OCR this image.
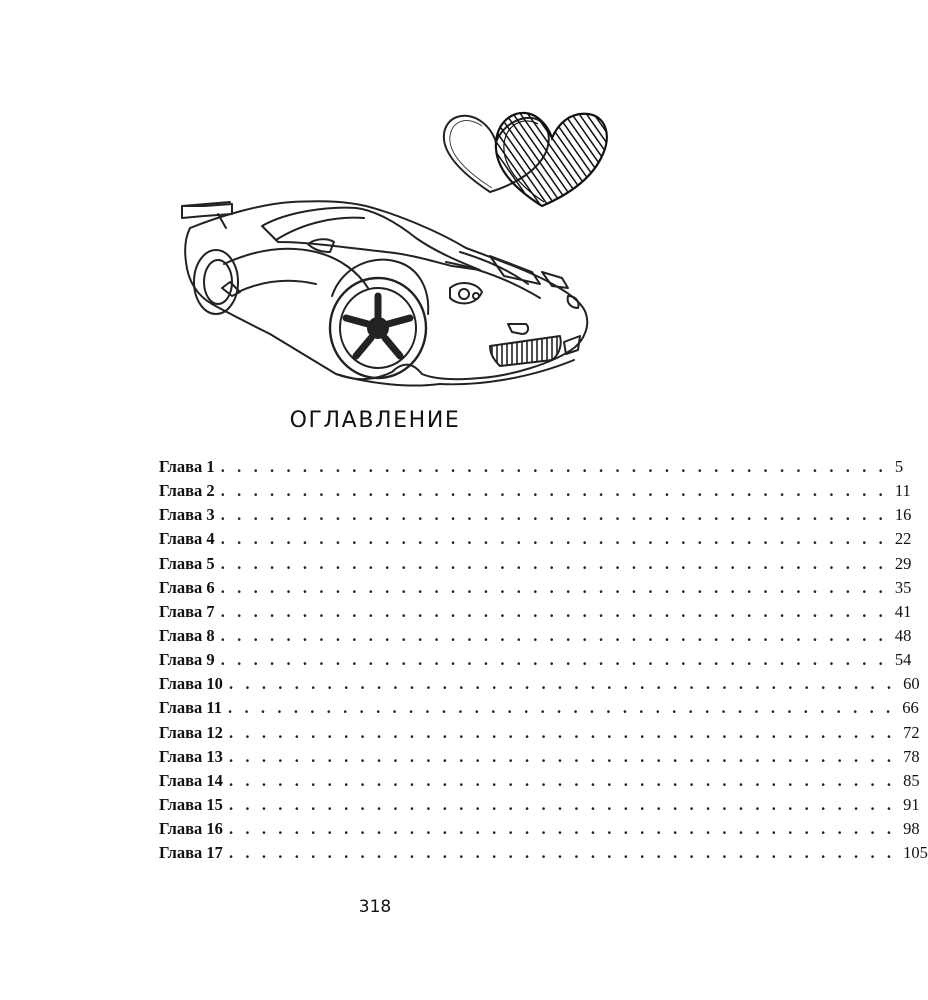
ОГЛАВЛЕНИЕ
Глава 1 . . . . . . . . . . . . . . . . . . . . . . . . . . . . . . . . . . . . . . . . . 5
Глава 2 . . . . . . . . . . . . . . . . . . . . . . . . . . . . . . . . . . . . . . . . . 11
Глава 3 . . . . . . . . . . . . . . . . . . . . . . . . . . . . . . . . . . . . . . . . . 16
Глава 4 . . . . . . . . . . . . . . . . . . . . . . . . . . . . . . . . . . . . . . . . . 22
Глава 5 . . . . . . . . . . . . . . . . . . . . . . . . . . . . . . . . . . . . . . . . . 29
Глава 6 . . . . . . . . . . . . . . . . . . . . . . . . . . . . . . . . . . . . . . . . . 35
Глава 7 . . . . . . . . . . . . . . . . . . . . . . . . . . . . . . . . . . . . . . . . . 41
Глава 8 . . . . . . . . . . . . . . . . . . . . . . . . . . . . . . . . . . . . . . . . . 48
Глава 9 . . . . . . . . . . . . . . . . . . . . . . . . . . . . . . . . . . . . . . . . . 54
Глава 10 . . . . . . . . . . . . . . . . . . . . . . . . . . . . . . . . . . . . . . . . . 60
Глава 11 . . . . . . . . . . . . . . . . . . . . . . . . . . . . . . . . . . . . . . . . . 66
Глава 12 . . . . . . . . . . . . . . . . . . . . . . . . . . . . . . . . . . . . . . . . . 72
Глава 13 . . . . . . . . . . . . . . . . . . . . . . . . . . . . . . . . . . . . . . . . . 78
Глава 14 . . . . . . . . . . . . . . . . . . . . . . . . . . . . . . . . . . . . . . . . . 85
Глава 15 . . . . . . . . . . . . . . . . . . . . . . . . . . . . . . . . . . . . . . . . . 91
Глава 16 . . . . . . . . . . . . . . . . . . . . . . . . . . . . . . . . . . . . . . . . . 98
Глава 17 . . . . . . . . . . . . . . . . . . . . . . . . . . . . . . . . . . . . . . . . . 105
318
